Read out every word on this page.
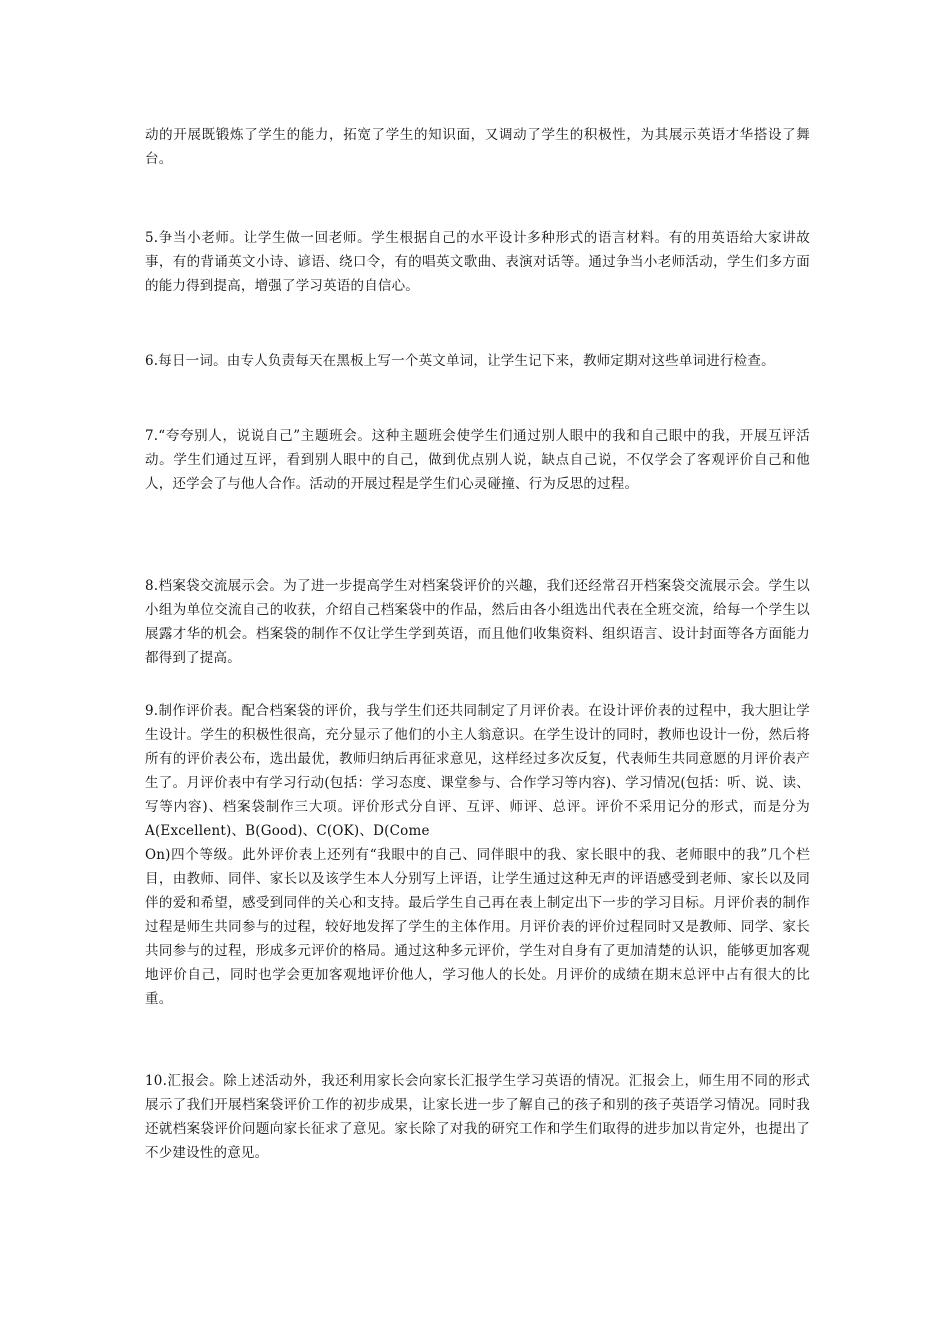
动的开展既锻炼了学生的能力，拓宽了学生的知识面，又调动了学生的积极性，为其展示英语才华搭设了舞台。

5.争当小老师。让学生做一回老师。学生根据自己的水平设计多种形式的语言材料。有的用英语给大家讲故事，有的背诵英文小诗、谚语、绕口令，有的唱英文歌曲、表演对话等。通过争当小老师活动，学生们多方面的能力得到提高，增强了学习英语的自信心。

6.每日一词。由专人负责每天在黑板上写一个英文单词，让学生记下来，教师定期对这些单词进行检查。

7.“夸夸别人，说说自己”主题班会。这种主题班会使学生们通过别人眼中的我和自己眼中的我，开展互评活动。学生们通过互评，看到别人眼中的自己，做到优点别人说，缺点自己说，不仅学会了客观评价自己和他人，还学会了与他人合作。活动的开展过程是学生们心灵碰撞、行为反思的过程。

8.档案袋交流展示会。为了进一步提高学生对档案袋评价的兴趣，我们还经常召开档案袋交流展示会。学生以小组为单位交流自己的收获，介绍自己档案袋中的作品，然后由各小组选出代表在全班交流，给每一个学生以展露才华的机会。档案袋的制作不仅让学生学到英语，而且他们收集资料、组织语言、设计封面等各方面能力都得到了提高。

9.制作评价表。配合档案袋的评价，我与学生们还共同制定了月评价表。在设计评价表的过程中，我大胆让学生设计。学生的积极性很高，充分显示了他们的小主人翁意识。在学生设计的同时，教师也设计一份，然后将所有的评价表公布，选出最优，教师归纳后再征求意见，这样经过多次反复，代表师生共同意愿的月评价表产生了。月评价表中有学习行动(包括：学习态度、课堂参与、合作学习等内容)、学习情况(包括：听、说、读、写等内容)、档案袋制作三大项。评价形式分自评、互评、师评、总评。评价不采用记分的形式，而是分为A(Excellent)、B(Good)、C(OK)、D(Come
On)四个等级。此外评价表上还列有“我眼中的自己、同伴眼中的我、家长眼中的我、老师眼中的我”几个栏目，由教师、同伴、家长以及该学生本人分别写上评语，让学生通过这种无声的评语感受到老师、家长以及同伴的爱和希望，感受到同伴的关心和支持。最后学生自己再在表上制定出下一步的学习目标。月评价表的制作过程是师生共同参与的过程，较好地发挥了学生的主体作用。月评价表的评价过程同时又是教师、同学、家长共同参与的过程，形成多元评价的格局。通过这种多元评价，学生对自身有了更加清楚的认识，能够更加客观地评价自己，同时也学会更加客观地评价他人，学习他人的长处。月评价的成绩在期末总评中占有很大的比重。

10.汇报会。除上述活动外，我还利用家长会向家长汇报学生学习英语的情况。汇报会上，师生用不同的形式展示了我们开展档案袋评价工作的初步成果，让家长进一步了解自己的孩子和别的孩子英语学习情况。同时我还就档案袋评价问题向家长征求了意见。家长除了对我的研究工作和学生们取得的进步加以肯定外，也提出了不少建设性的意见。
